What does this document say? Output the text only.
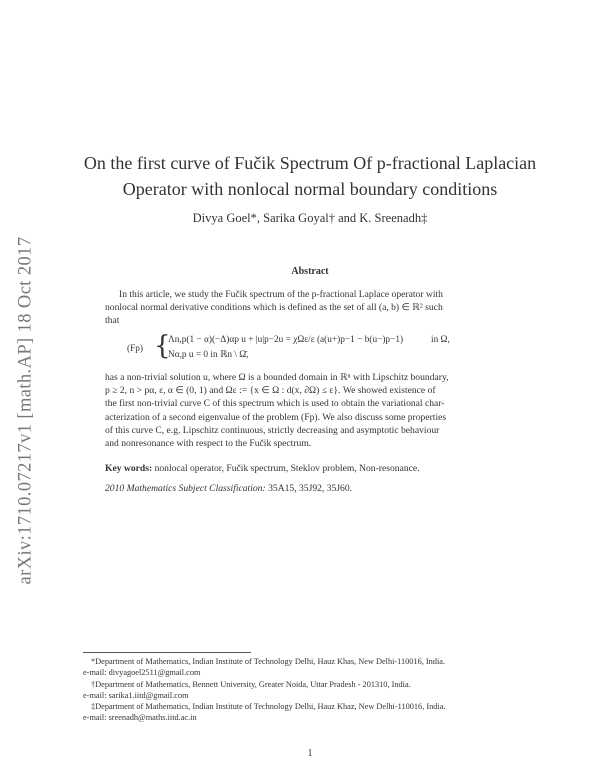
arXiv:1710.07217v1 [math.AP] 18 Oct 2017
On the first curve of Fučik Spectrum Of p-fractional Laplacian
Operator with nonlocal normal boundary conditions
Divya Goel*, Sarika Goyal† and K. Sreenadh‡
Abstract
In this article, we study the Fučik spectrum of the p-fractional Laplace operator with
nonlocal normal derivative conditions which is defined as the set of all (a, b) ∈ ℝ² such
that
(Fp) {
Λn,p(1 − α)(−Δ)αp u + |u|p−2u = χΩε/ε (a(u+)p−1 − b(u−)p−1)	in Ω,
Nα,p u = 0 in ℝn \ Ω̄,
has a non-trivial solution u, where Ω is a bounded domain in ℝⁿ with Lipschitz boundary,
p ≥ 2, n > pα, ε, α ∈ (0, 1) and Ωε := {x ∈ Ω : d(x, ∂Ω) ≤ ε}. We showed existence of
the first non-trivial curve C of this spectrum which is used to obtain the variational char-
acterization of a second eigenvalue of the problem (Fp). We also discuss some properties
of this curve C, e.g. Lipschitz continuous, strictly decreasing and asymptotic behaviour
and nonresonance with respect to the Fučik spectrum.
Key words: nonlocal operator, Fučik spectrum, Steklov problem, Non-resonance.
2010 Mathematics Subject Classification: 35A15, 35J92, 35J60.
*Department of Mathematics, Indian Institute of Technology Delhi, Hauz Khas, New Delhi-110016, India.
e-mail: divyagoel2511@gmail.com
†Department of Mathematics, Bennett University, Greater Noida, Uttar Pradesh - 201310, India.
e-mail: sarika1.iitd@gmail.com
‡Department of Mathematics, Indian Institute of Technology Delhi, Hauz Khaz, New Delhi-110016, India.
e-mail: sreenadh@maths.iitd.ac.in
1
